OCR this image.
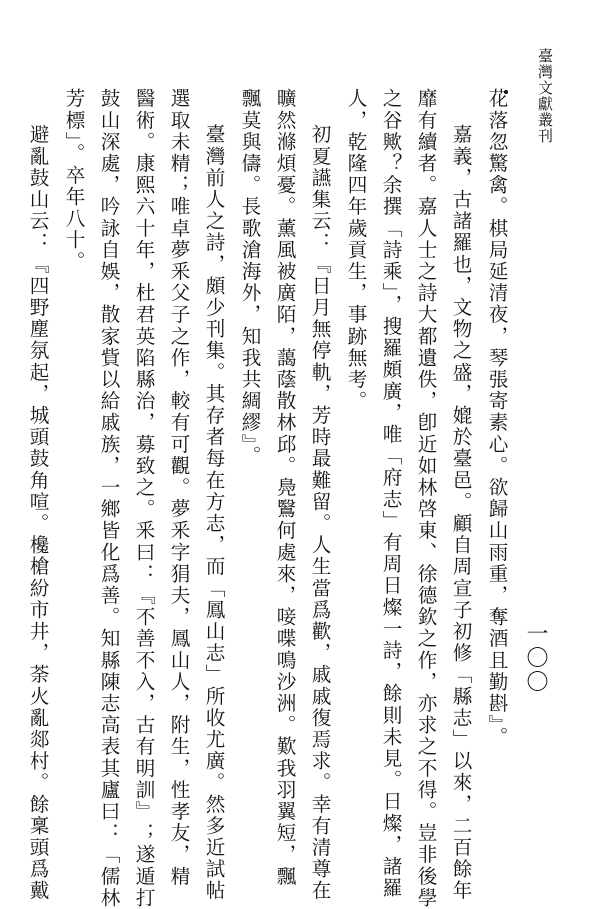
臺灣文獻叢刊
一〇〇
花落忽驚禽。棋局延清夜，琴張寄素心。欲歸山雨重，奪酒且勤斟』。
嘉義，古諸羅也，文物之盛，媲於臺邑。顧自周宣子初修「縣志」以來，二百餘年
靡有續者。嘉人士之詩大都遺佚，卽近如林啓東、徐德欽之作，亦求之不得。豈非後學
之谷歟？余撰「詩乘」，搜羅頗廣，唯「府志」有周日燦一詩，餘則未見。日燦，諸羅
人，乾隆四年歲貢生，事跡無考。
初夏讌集云：『日月無停軌，芳時最難留。人生當爲歡，戚戚復焉求。幸有清尊在
曠然滌煩憂。薰風被廣陌，藹蔭散林邱。鳧鷖何處來，唼喋鳴沙洲。歎我羽翼短，飄
飄莫與儔。長歌滄海外，知我共綢繆』。
臺灣前人之詩，頗少刊集。其存者每在方志，而「鳳山志」所收尤廣。然多近試帖
選取未精；唯卓夢釆父子之作，較有可觀。夢釆字狷夫，鳳山人，附生，性孝友，精
醫術。康熙六十年，杜君英陷縣治，募致之。釆曰：『不善不入，古有明訓』；遂遁打
鼓山深處，吟詠自娛，散家貲以給戚族，一鄉皆化爲善。知縣陳志高表其廬曰：「儒林
芳標」。卒年八十。
避亂鼓山云：『四野塵氛起，城頭鼓角喧。欃槍紛市井，荼火亂郯村。餘稟頭爲戴
